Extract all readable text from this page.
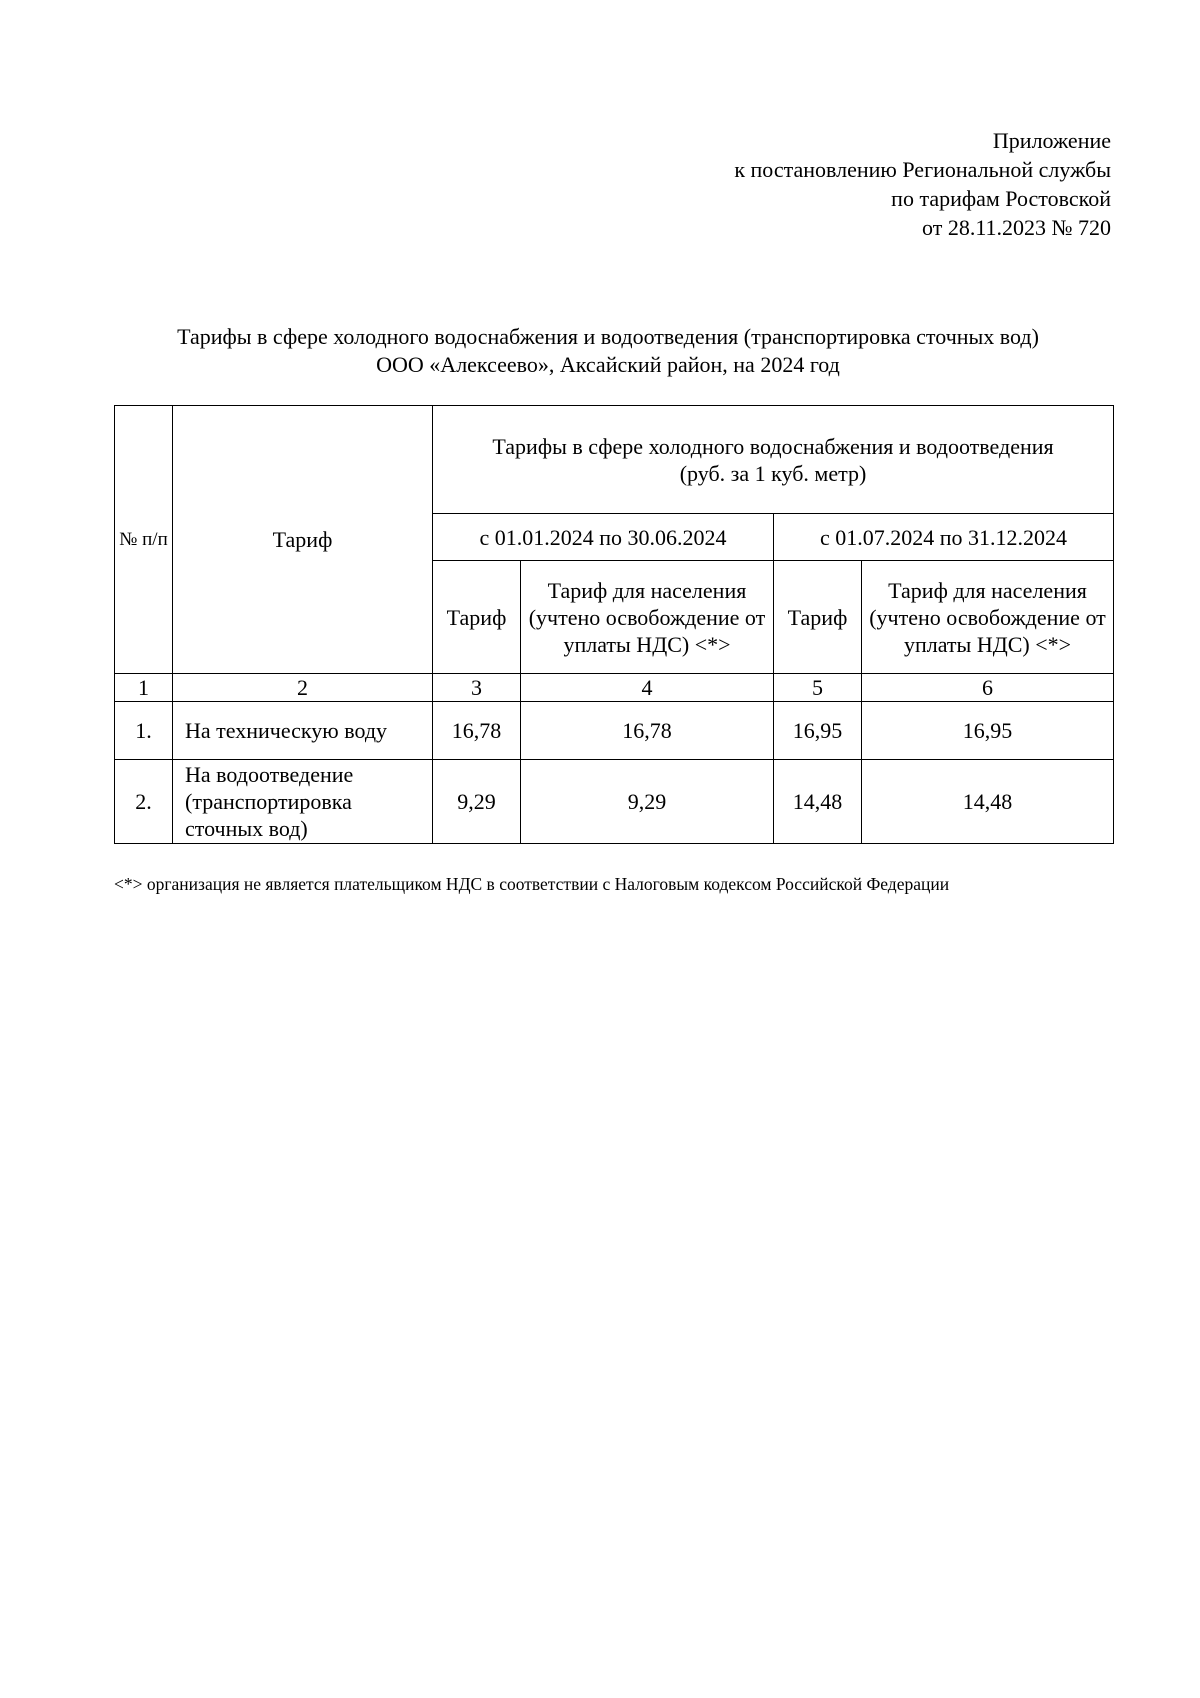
Приложение
к постановлению Региональной службы
по тарифам Ростовской
от 28.11.2023 № 720
Тарифы в сфере холодного водоснабжения и водоотведения (транспортировка сточных вод)
ООО «Алексеево», Аксайский район, на 2024 год
№ п/п	Тариф	Тарифы в сфере холодного водоснабжения и водоотведения
(руб. за 1 куб. метр)			

		с 01.01.2024 по 30.06.2024		с 01.07.2024 по 31.12.2024	
		Тариф	Тариф для населения (учтено освобождение от уплаты НДС) <*>	Тариф	Тариф для населения (учтено освобождение от уплаты НДС) <*>
1	2	3	4	5	6
1.	На техническую воду	16,78	16,78	16,95	16,95
2.	На водоотведение (транспортировка сточных вод)	9,29	9,29	14,48	14,48
<*> организация не является плательщиком НДС в соответствии с Налоговым кодексом Российской Федерации
